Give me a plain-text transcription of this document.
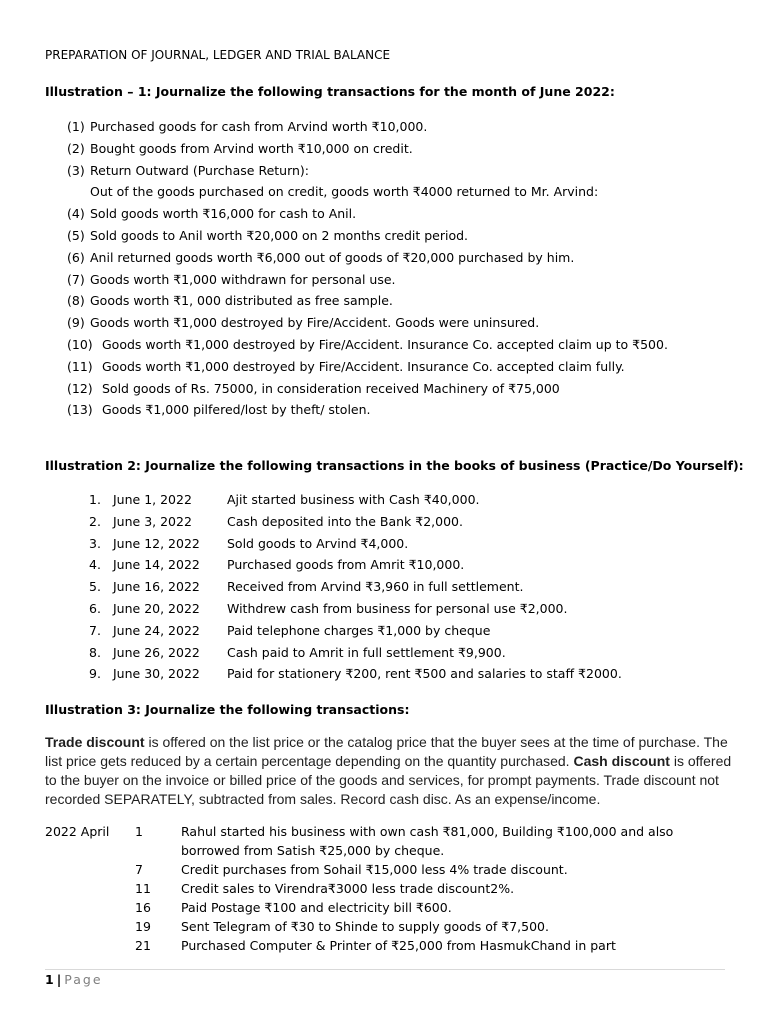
PREPARATION OF JOURNAL, LEDGER AND TRIAL BALANCE
Illustration – 1: Journalize the following transactions for the month of June 2022:
(1) Purchased goods for cash from Arvind worth ₹10,000.
(2) Bought goods from Arvind worth ₹10,000 on credit.
(3) Return Outward (Purchase Return):
Out of the goods purchased on credit, goods worth ₹4000 returned to Mr. Arvind:
(4) Sold goods worth ₹16,000 for cash to Anil.
(5) Sold goods to Anil worth ₹20,000 on 2 months credit period.
(6) Anil returned goods worth ₹6,000 out of goods of ₹20,000 purchased by him.
(7) Goods worth ₹1,000 withdrawn for personal use.
(8) Goods worth ₹1, 000 distributed as free sample.
(9) Goods worth ₹1,000 destroyed by Fire/Accident. Goods were uninsured.
(10) Goods worth ₹1,000 destroyed by Fire/Accident. Insurance Co. accepted claim up to ₹500.
(11) Goods worth ₹1,000 destroyed by Fire/Accident. Insurance Co. accepted claim fully.
(12) Sold goods of Rs. 75000, in consideration received Machinery of ₹75,000
(13) Goods ₹1,000 pilfered/lost by theft/ stolen.
Illustration 2: Journalize the following transactions in the books of business (Practice/Do Yourself):
1. June 1, 2022	Ajit started business with Cash ₹40,000.
2. June 3, 2022	Cash deposited into the Bank ₹2,000.
3. June 12, 2022 Sold goods to Arvind ₹4,000.
4. June 14, 2022 Purchased goods from Amrit ₹10,000.
5. June 16, 2022 Received from Arvind ₹3,960 in full settlement.
6. June 20, 2022 Withdrew cash from business for personal use ₹2,000.
7. June 24, 2022 Paid telephone charges ₹1,000 by cheque
8. June 26, 2022 Cash paid to Amrit in full settlement ₹9,900.
9. June 30, 2022 Paid for stationery ₹200, rent ₹500 and salaries to staff ₹2000.
Illustration 3: Journalize the following transactions:
Trade discount is offered on the list price or the catalog price that the buyer sees at the time of purchase. The list price gets reduced by a certain percentage depending on the quantity purchased. Cash discount is offered to the buyer on the invoice or billed price of the goods and services, for prompt payments. Trade discount not recorded SEPARATELY, subtracted from sales. Record cash disc. As an expense/income.
2022 April	1	Rahul started his business with own cash ₹81,000, Building ₹100,000 and also borrowed from Satish ₹25,000 by cheque.
7	Credit purchases from Sohail ₹15,000 less 4% trade discount.
11	Credit sales to Virendra₹3000 less trade discount2%.
16	Paid Postage ₹100 and electricity bill ₹600.
19	Sent Telegram of ₹30 to Shinde to supply goods of ₹7,500.
21	Purchased Computer & Printer of ₹25,000 from HasmukChand in part
1 | Page
